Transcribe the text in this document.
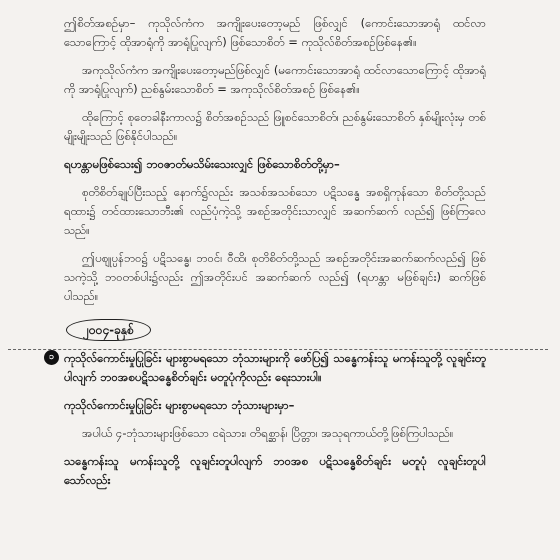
ဤစိတ်အစဉ်မှာ– ကုသိုလ်ကံက အကျိုးပေးတော့မည် ဖြစ်လျှင် (ကောင်းသောအာရုံ ထင်လာသောကြောင့် ထိုအာရုံကို အာရုံပြုလျက်) ဖြစ်သောစိတ် = ကုသိုလ်စိတ်အစဉ်ဖြစ်နေ၏။

အကုသိုလ်ကံက အကျိုးပေးတော့မည်ဖြစ်လျှင် (မကောင်းသောအာရုံ ထင်လာသောကြောင့် ထိုအာရုံကို အာရုံပြုလျက်) ညစ်နွမ်းသောစိတ် = အကုသိုလ်စိတ်အစဉ် ဖြစ်နေ၏။

ထိုကြောင့် စုတေခါနီးကာလ၌ စိတ်အစဉ်သည် ဖြူစင်သောစိတ်၊ ညစ်နွမ်းသောစိတ် နှစ်မျိုးလုံးမှ တစ်မျိုးမျိုးသည် ဖြစ်နိုင်ပါသည်။

ရဟန္တာမဖြစ်သေး၍ ဘဝဇာတ်မသိမ်းသေးလျှင် ဖြစ်သောစိတ်တို့မှာ–

စုတိစိတ်ချုပ်ပြီးသည့် နောက်၌လည်း အသစ်အသစ်သော ပဋိသန္ဓေ အစရှိကုန်သော စိတ်တို့သည် ရထား၌ တင်ထားသောဘီး၏ လည်ပုံကဲ့သို့ အစဉ်အတိုင်းသာလျှင် အဆက်ဆက် လည်၍ ဖြစ်ကြလေသည်။

ဤပဈုပ္ပန်ဘဝ၌ ပဋိသန္ဓေ၊ ဘဝင်၊ ဝီထိ၊ စုတိစိတ်တို့သည် အစဉ်အတိုင်းအဆက်ဆက်လည်၍ ဖြစ်သကဲ့သို့ ဘဝတစ်ပါး၌လည်း ဤအတိုင်းပင် အဆက်ဆက် လည်၍ (ရဟန္တာ မဖြစ်ချင်း) ဆက်ဖြစ်ပါသည်။

၂၀၀၄-ခုနှစ်
၁ ကုသိုလ်ကောင်းမှုပြုခြင်း များစွာမရသော ဘုံသားများကို ဖော်ပြ၍ သန္ဓေကန်းသူ မကန်းသူတို့ လူချင်းတူပါလျက် ဘဝအစပဋိသန္ဓေစိတ်ချင်း မတူပုံကိုလည်း ရေးသားပါ။

ကုသိုလ်ကောင်းမှုပြုခြင်း များစွာမရသော ဘုံသားများမှာ–

အပါယ် ၄-ဘုံသားများဖြစ်သော ငရဲသား၊ တိရစ္ဆာန်၊ ပြိတ္တာ၊ အသုရကာယ်တို့ဖြစ်ကြပါသည်။

သန္ဓေကန်းသူ မကန်းသူတို့ လူချင်းတူပါလျက် ဘဝအစ ပဋိသန္ဓေစိတ်ချင်း မတူပုံ လူချင်းတူပါသော်လည်း
